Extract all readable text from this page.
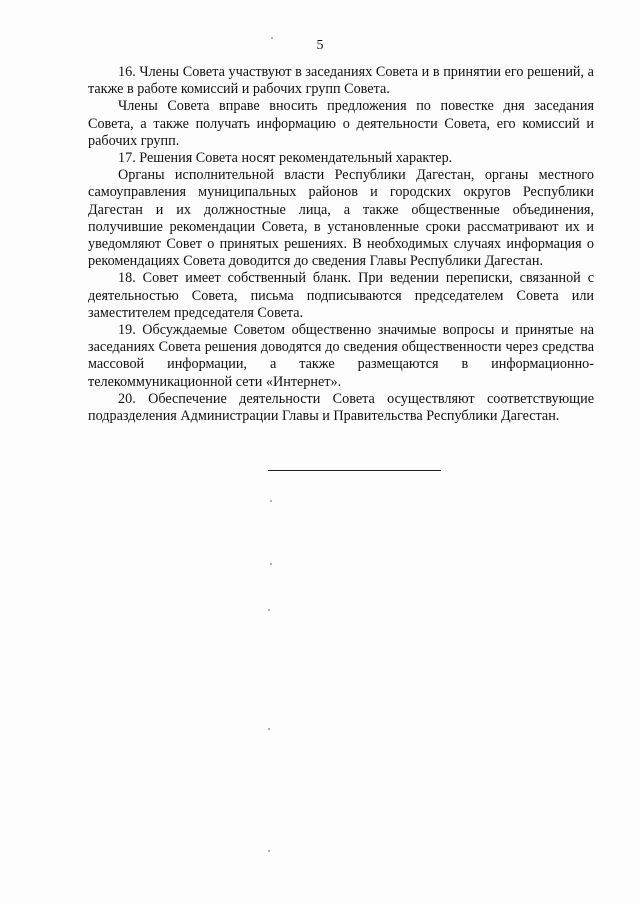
5

16. Члены Совета участвуют в заседаниях Совета и в принятии его решений, а также в работе комиссий и рабочих групп Совета.

Члены Совета вправе вносить предложения по повестке дня заседания Совета, а также получать информацию о деятельности Совета, его комиссий и рабочих групп.

17. Решения Совета носят рекомендательный характер.

Органы исполнительной власти Республики Дагестан, органы местного самоуправления муниципальных районов и городских округов Республики Дагестан и их должностные лица, а также общественные объединения, получившие рекомендации Совета, в установленные сроки рассматривают их и уведомляют Совет о принятых решениях. В необходимых случаях информация о рекомендациях Совета доводится до сведения Главы Республики Дагестан.

18. Совет имеет собственный бланк. При ведении переписки, связанной с деятельностью Совета, письма подписываются председателем Совета или заместителем председателя Совета.

19. Обсуждаемые Советом общественно значимые вопросы и принятые на заседаниях Совета решения доводятся до сведения общественности через средства массовой информации, а также размещаются в информационно-телекоммуникационной сети «Интернет».

20. Обеспечение деятельности Совета осуществляют соответствующие подразделения Администрации Главы и Правительства Республики Дагестан.
